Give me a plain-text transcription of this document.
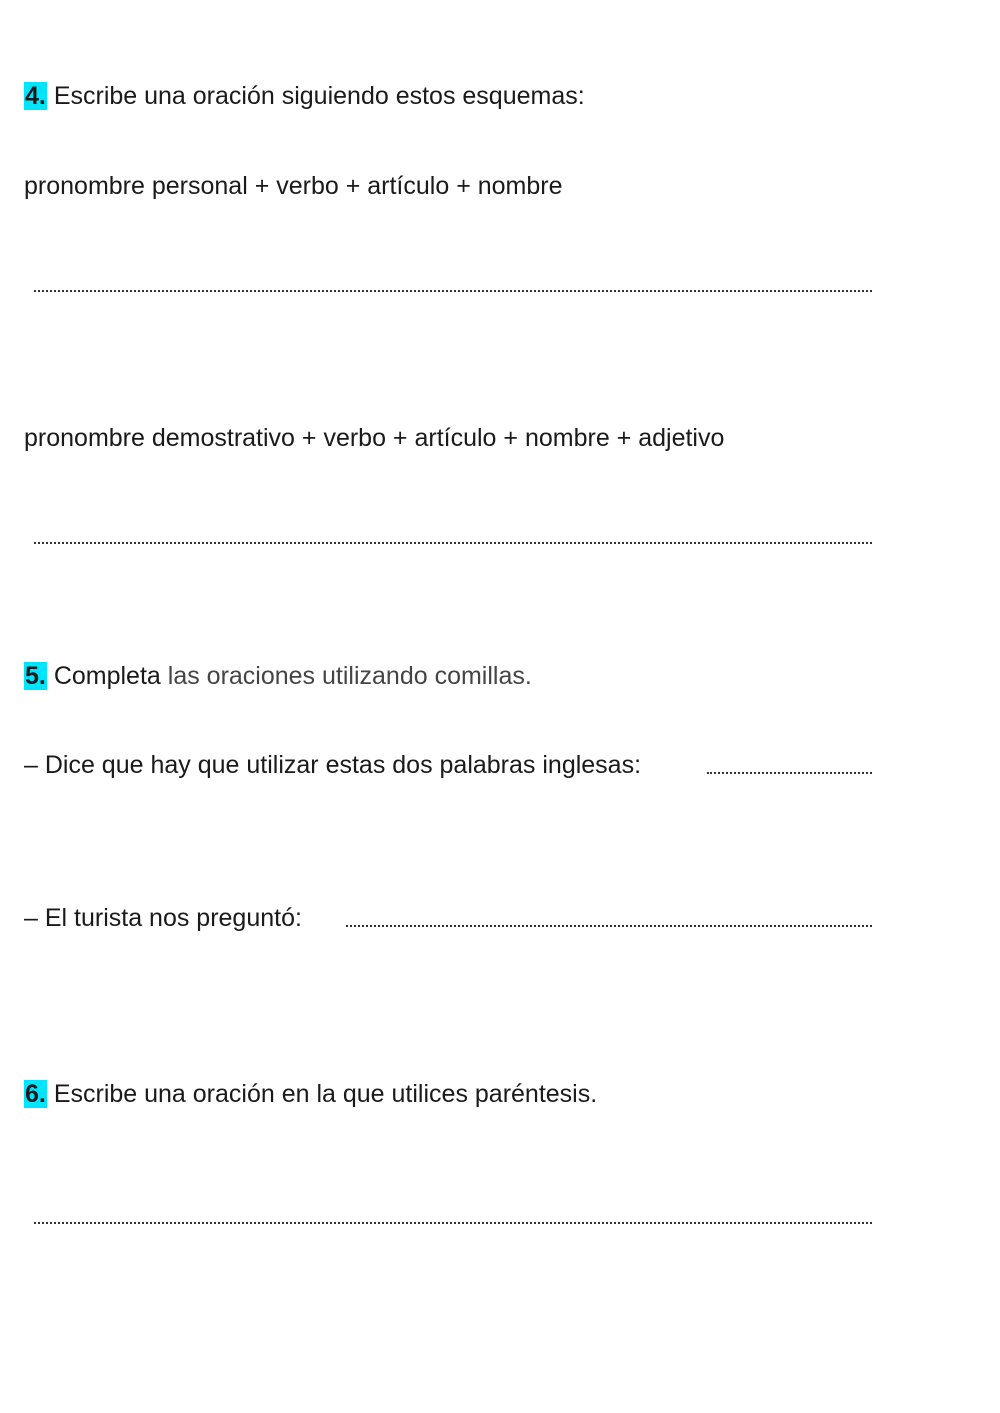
4. Escribe una oración siguiendo estos esquemas:
pronombre personal + verbo + artículo + nombre
pronombre demostrativo + verbo + artículo + nombre + adjetivo
5. Completa las oraciones utilizando comillas.
– Dice que hay que utilizar estas dos palabras inglesas:
– El turista nos preguntó:
6. Escribe una oración en la que utilices paréntesis.
